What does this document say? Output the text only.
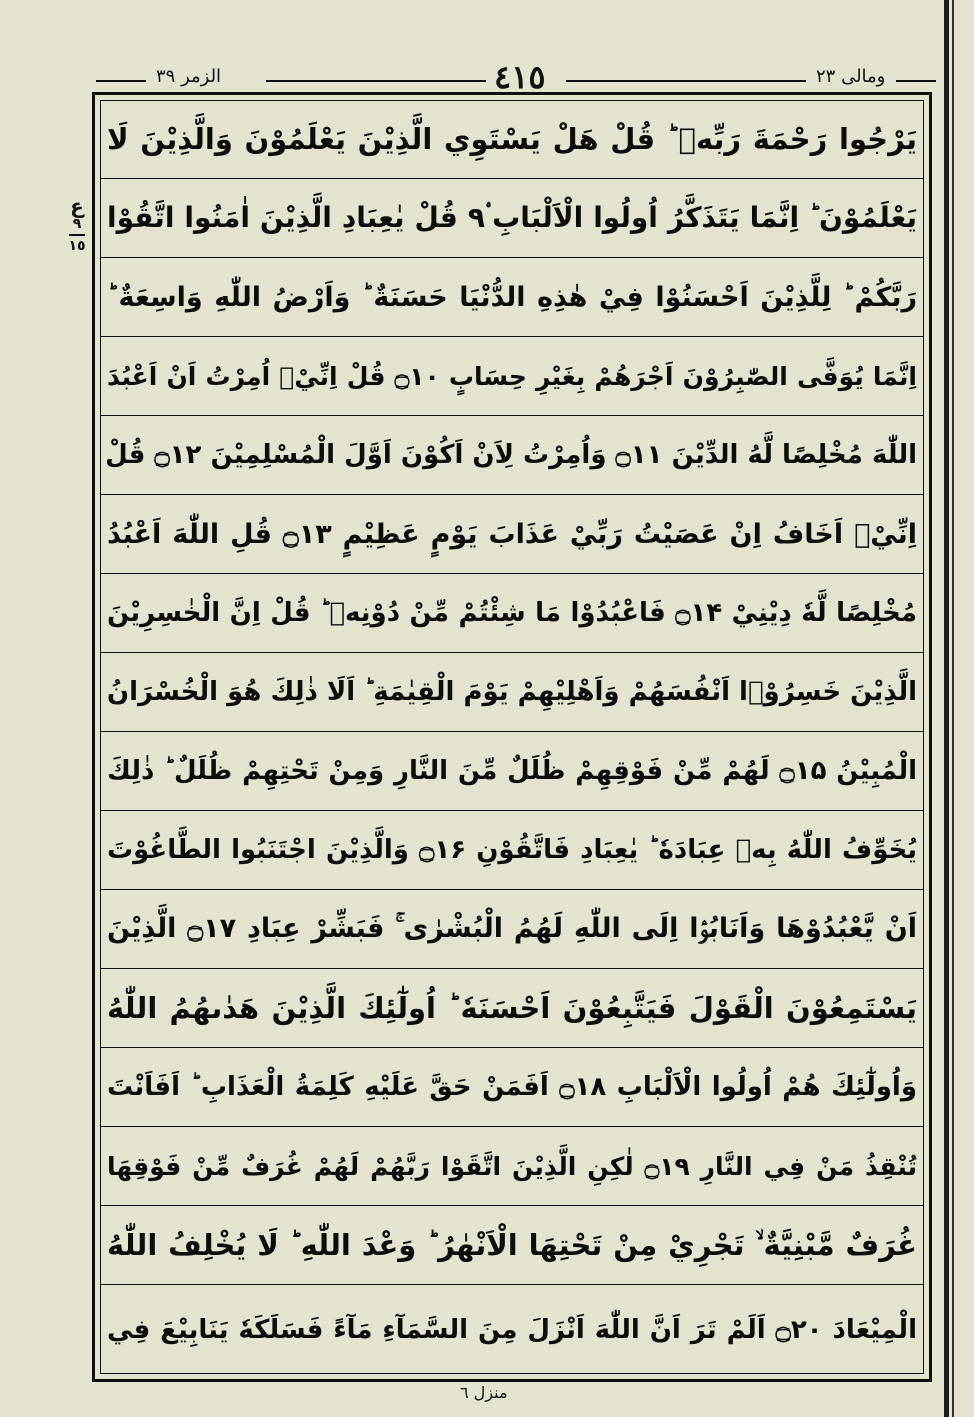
الزمر ٣٩	٤١٥	ومالی ٢٣
ع
٩
١٥
يَرْجُوا رَحْمَةَ رَبِّهٖ ؕ قُلْ هَلْ يَسْتَوِي الَّذِيْنَ يَعْلَمُوْنَ وَالَّذِيْنَ لَا
يَعْلَمُوْنَ ؕ اِنَّمَا يَتَذَكَّرُ اُولُوا الْاَلْبَابِ ۟۹ قُلْ يٰعِبَادِ الَّذِيْنَ اٰمَنُوا اتَّقُوْا
رَبَّكُمْ ؕ لِلَّذِيْنَ اَحْسَنُوْا فِيْ هٰذِهِ الدُّنْيَا حَسَنَةٌ ؕ وَاَرْضُ اللّٰهِ وَاسِعَةٌ ؕ
اِنَّمَا يُوَفَّى الصّٰبِرُوْنَ اَجْرَهُمْ بِغَيْرِ حِسَابٍ ۝۱۰ قُلْ اِنِّيْۤ اُمِرْتُ اَنْ اَعْبُدَ
اللّٰهَ مُخْلِصًا لَّهُ الدِّيْنَ ۝۱۱ وَاُمِرْتُ لِاَنْ اَكُوْنَ اَوَّلَ الْمُسْلِمِيْنَ ۝۱۲ قُلْ
اِنِّيْۤ اَخَافُ اِنْ عَصَيْتُ رَبِّيْ عَذَابَ يَوْمٍ عَظِيْمٍ ۝۱۳ قُلِ اللّٰهَ اَعْبُدُ
مُخْلِصًا لَّهٗ دِيْنِيْ ۝۱۴ فَاعْبُدُوْا مَا شِئْتُمْ مِّنْ دُوْنِهٖ ؕ قُلْ اِنَّ الْخٰسِرِيْنَ
الَّذِيْنَ خَسِرُوْۤا اَنْفُسَهُمْ وَاَهْلِيْهِمْ يَوْمَ الْقِيٰمَةِ ؕ اَلَا ذٰلِكَ هُوَ الْخُسْرَانُ
الْمُبِيْنُ ۝۱۵ لَهُمْ مِّنْ فَوْقِهِمْ ظُلَلٌ مِّنَ النَّارِ وَمِنْ تَحْتِهِمْ ظُلَلٌ ؕ ذٰلِكَ
يُخَوِّفُ اللّٰهُ بِهٖ عِبَادَهٗ ؕ يٰعِبَادِ فَاتَّقُوْنِ ۝۱۶ وَالَّذِيْنَ اجْتَنَبُوا الطَّاغُوْتَ
اَنْ يَّعْبُدُوْهَا وَاَنَابُوْۤا اِلَى اللّٰهِ لَهُمُ الْبُشْرٰى ۚ فَبَشِّرْ عِبَادِ ۝۱۷ الَّذِيْنَ
يَسْتَمِعُوْنَ الْقَوْلَ فَيَتَّبِعُوْنَ اَحْسَنَهٗ ؕ اُولٰٓئِكَ الَّذِيْنَ هَدٰىهُمُ اللّٰهُ
وَاُولٰٓئِكَ هُمْ اُولُوا الْاَلْبَابِ ۝۱۸ اَفَمَنْ حَقَّ عَلَيْهِ كَلِمَةُ الْعَذَابِ ؕ اَفَاَنْتَ
تُنْقِذُ مَنْ فِي النَّارِ ۝۱۹ لٰكِنِ الَّذِيْنَ اتَّقَوْا رَبَّهُمْ لَهُمْ غُرَفٌ مِّنْ فَوْقِهَا
غُرَفٌ مَّبْنِيَّةٌ ۙ تَجْرِيْ مِنْ تَحْتِهَا الْاَنْهٰرُ ؕ وَعْدَ اللّٰهِ ؕ لَا يُخْلِفُ اللّٰهُ
الْمِيْعَادَ ۝۲۰ اَلَمْ تَرَ اَنَّ اللّٰهَ اَنْزَلَ مِنَ السَّمَآءِ مَآءً فَسَلَكَهٗ يَنَابِيْعَ فِي
منزل ٦
